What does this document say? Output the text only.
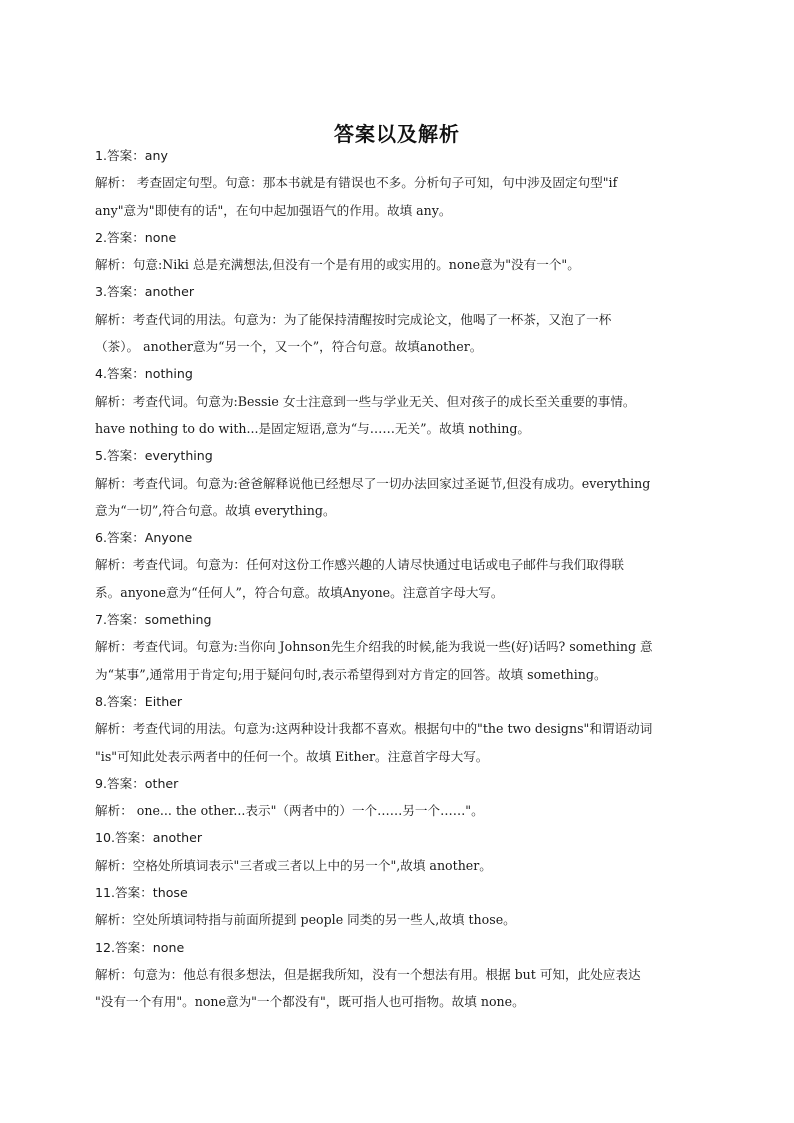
答案以及解析
1.答案：any
解析： 考查固定句型。句意：那本书就是有错误也不多。分析句子可知，句中涉及固定句型"if
any"意为"即使有的话"，在句中起加强语气的作用。故填 any。
2.答案：none
解析：句意:Niki 总是充满想法,但没有一个是有用的或实用的。none意为"没有一个"。
3.答案：another
解析：考查代词的用法。句意为：为了能保持清醒按时完成论文，他喝了一杯茶，又泡了一杯
（茶）。 another意为“另一个，又一个”，符合句意。故填another。
4.答案：nothing
解析：考查代词。句意为:Bessie 女士注意到一些与学业无关、但对孩子的成长至关重要的事情。
have nothing to do with...是固定短语,意为“与……无关”。故填 nothing。
5.答案：everything
解析：考查代词。句意为:爸爸解释说他已经想尽了一切办法回家过圣诞节,但没有成功。everything
意为“一切”,符合句意。故填 everything。
6.答案：Anyone
解析：考查代词。句意为：任何对这份工作感兴趣的人请尽快通过电话或电子邮件与我们取得联
系。anyone意为“任何人”，符合句意。故填Anyone。注意首字母大写。
7.答案：something
解析：考查代词。句意为:当你向 Johnson先生介绍我的时候,能为我说一些(好)话吗? something 意
为“某事”,通常用于肯定句;用于疑问句时,表示希望得到对方肯定的回答。故填 something。
8.答案：Either
解析：考查代词的用法。句意为:这两种设计我都不喜欢。根据句中的"the two designs"和谓语动词
"is"可知此处表示两者中的任何一个。故填 Either。注意首字母大写。
9.答案：other
解析： one... the other...表示"（两者中的）一个……另一个……"。
10.答案：another
解析：空格处所填词表示"三者或三者以上中的另一个",故填 another。
11.答案：those
解析：空处所填词特指与前面所提到 people 同类的另一些人,故填 those。
12.答案：none
解析：句意为：他总有很多想法，但是据我所知，没有一个想法有用。根据 but 可知，此处应表达
"没有一个有用"。none意为"一个都没有"，既可指人也可指物。故填 none。
